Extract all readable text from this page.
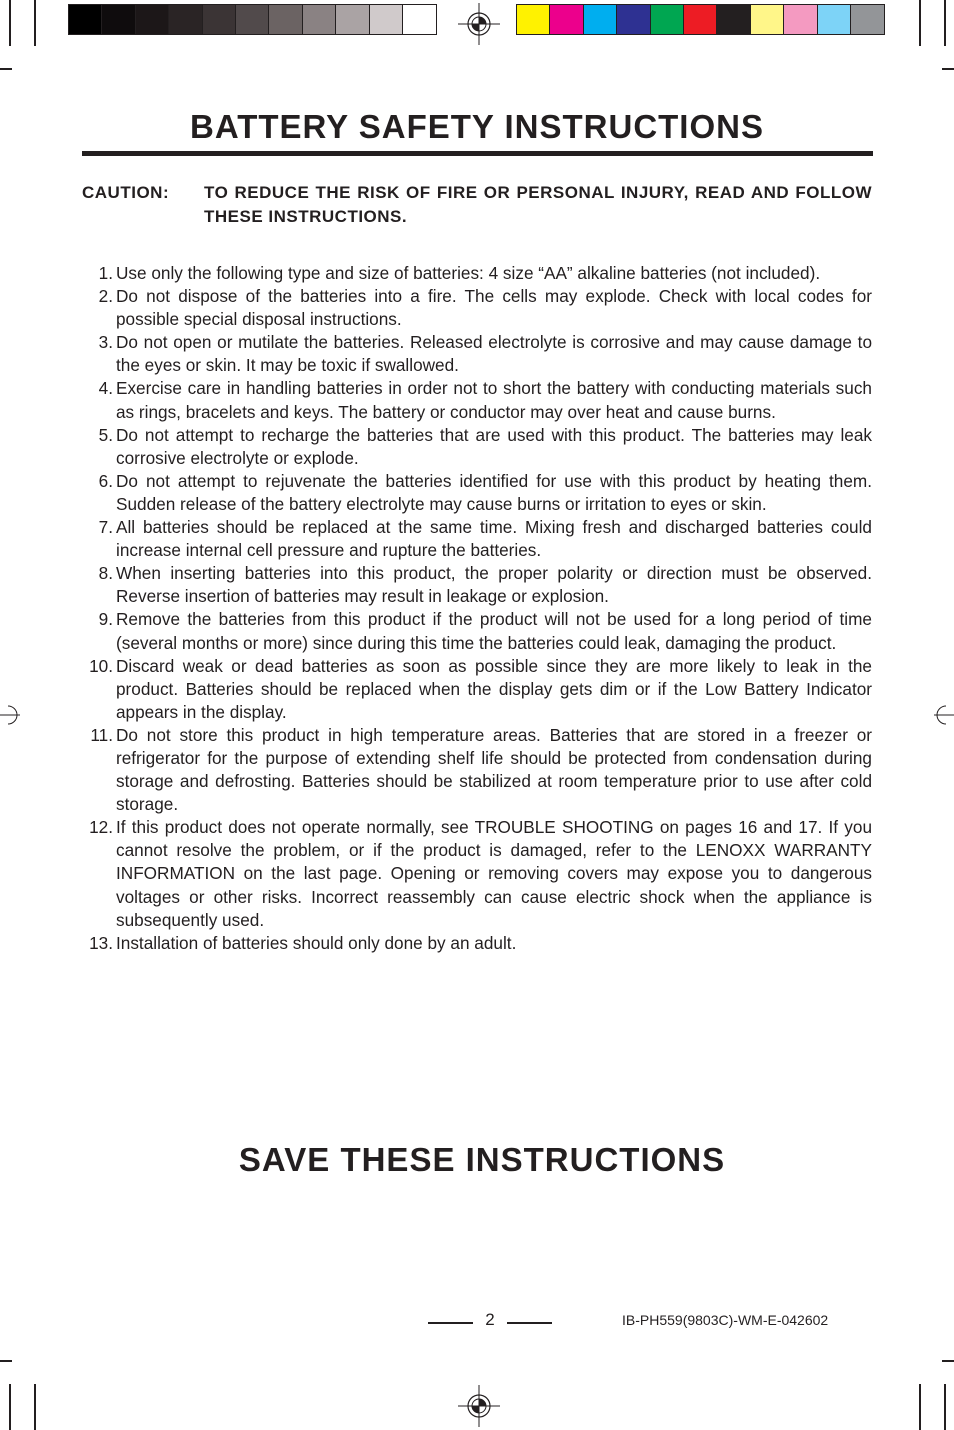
BATTERY SAFETY INSTRUCTIONS
CAUTION: TO REDUCE THE RISK OF FIRE OR PERSONAL INJURY, READ AND FOLLOW THESE INSTRUCTIONS.
1. Use only the following type and size of batteries: 4 size “AA” alkaline batteries (not included).
2. Do not dispose of the batteries into a fire. The cells may explode. Check with local codes for possible special disposal instructions.
3. Do not open or mutilate the batteries. Released electrolyte is corrosive and may cause damage to the eyes or skin. It may be toxic if swallowed.
4. Exercise care in handling batteries in order not to short the battery with conducting materials such as rings, bracelets and keys. The battery or conductor may over heat and cause burns.
5. Do not attempt to recharge the batteries that are used with this product. The batteries may leak corrosive electrolyte or explode.
6. Do not attempt to rejuvenate the batteries identified for use with this product by heating them. Sudden release of the battery electrolyte may cause burns or irritation to eyes or skin.
7. All batteries should be replaced at the same time. Mixing fresh and discharged batteries could increase internal cell pressure and rupture the batteries.
8. When inserting batteries into this product, the proper polarity or direction must be observed. Reverse insertion of batteries may result in leakage or explosion.
9. Remove the batteries from this product if the product will not be used for a long period of time (several months or more) since during this time the batteries could leak, damaging the product.
10. Discard weak or dead batteries as soon as possible since they are more likely to leak in the product. Batteries should be replaced when the display gets dim or if the Low Battery Indicator appears in the display.
11. Do not store this product in high temperature areas. Batteries that are stored in a freezer or refrigerator for the purpose of extending shelf life should be protected from condensation during storage and defrosting. Batteries should be stabilized at room temperature prior to use after cold storage.
12. If this product does not operate normally, see TROUBLE SHOOTING on pages 16 and 17. If you cannot resolve the problem, or if the product is damaged, refer to the LENOXX WARRANTY INFORMATION on the last page. Opening or removing covers may expose you to dangerous voltages or other risks. Incorrect reassembly can cause electric shock when the appliance is subsequently used.
13. Installation of batteries should only done by an adult.
SAVE THESE INSTRUCTIONS
2	IB-PH559(9803C)-WM-E-042602
